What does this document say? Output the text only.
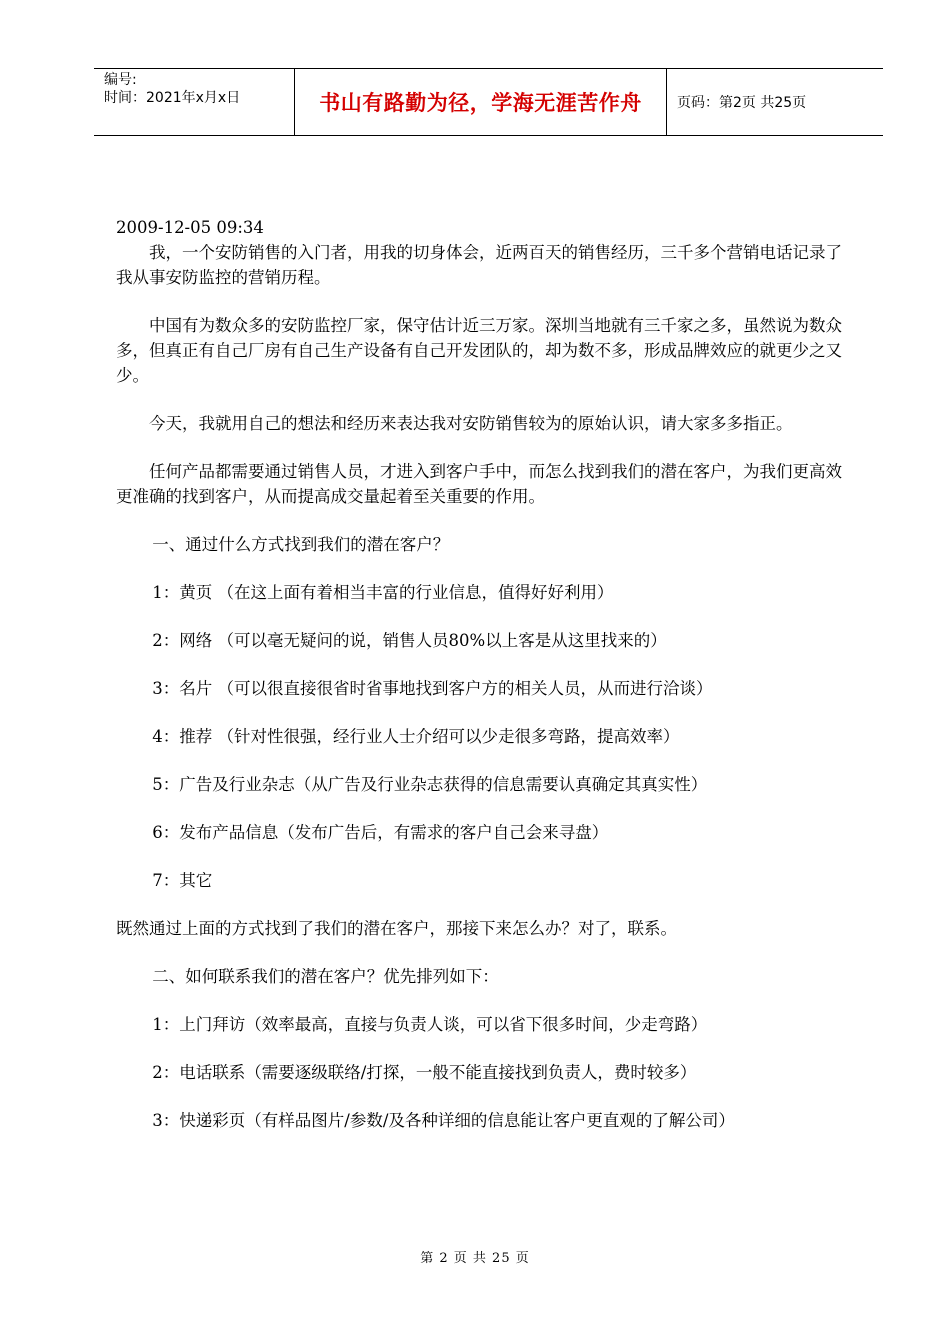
编号:
时间：2021年x月x日	书山有路勤为径，学海无涯苦作舟	页码：第2页 共25页

2009-12-05 09:34

我，一个安防销售的入门者，用我的切身体会，近两百天的销售经历，三千多个营销电话记录了我从事安防监控的营销历程。

中国有为数众多的安防监控厂家，保守估计近三万家。深圳当地就有三千家之多，虽然说为数众多，但真正有自己厂房有自己生产设备有自己开发团队的，却为数不多，形成品牌效应的就更少之又少。

今天，我就用自己的想法和经历来表达我对安防销售较为的原始认识，请大家多多指正。

任何产品都需要通过销售人员，才进入到客户手中，而怎么找到我们的潜在客户，为我们更高效更准确的找到客户，从而提高成交量起着至关重要的作用。

一、通过什么方式找到我们的潜在客户？

1：黄页 （在这上面有着相当丰富的行业信息，值得好好利用）

2：网络 （可以毫无疑问的说，销售人员80%以上客是从这里找来的）

3：名片 （可以很直接很省时省事地找到客户方的相关人员，从而进行洽谈）

4：推荐 （针对性很强，经行业人士介绍可以少走很多弯路，提高效率）

5：广告及行业杂志（从广告及行业杂志获得的信息需要认真确定其真实性）

6：发布产品信息（发布广告后，有需求的客户自己会来寻盘）

7：其它

既然通过上面的方式找到了我们的潜在客户，那接下来怎么办？对了，联系。

二、如何联系我们的潜在客户？优先排列如下：

1：上门拜访（效率最高，直接与负责人谈，可以省下很多时间，少走弯路）

2：电话联系（需要逐级联络/打探，一般不能直接找到负责人，费时较多）

3：快递彩页（有样品图片/参数/及各种详细的信息能让客户更直观的了解公司）

第 2 页 共 25 页
